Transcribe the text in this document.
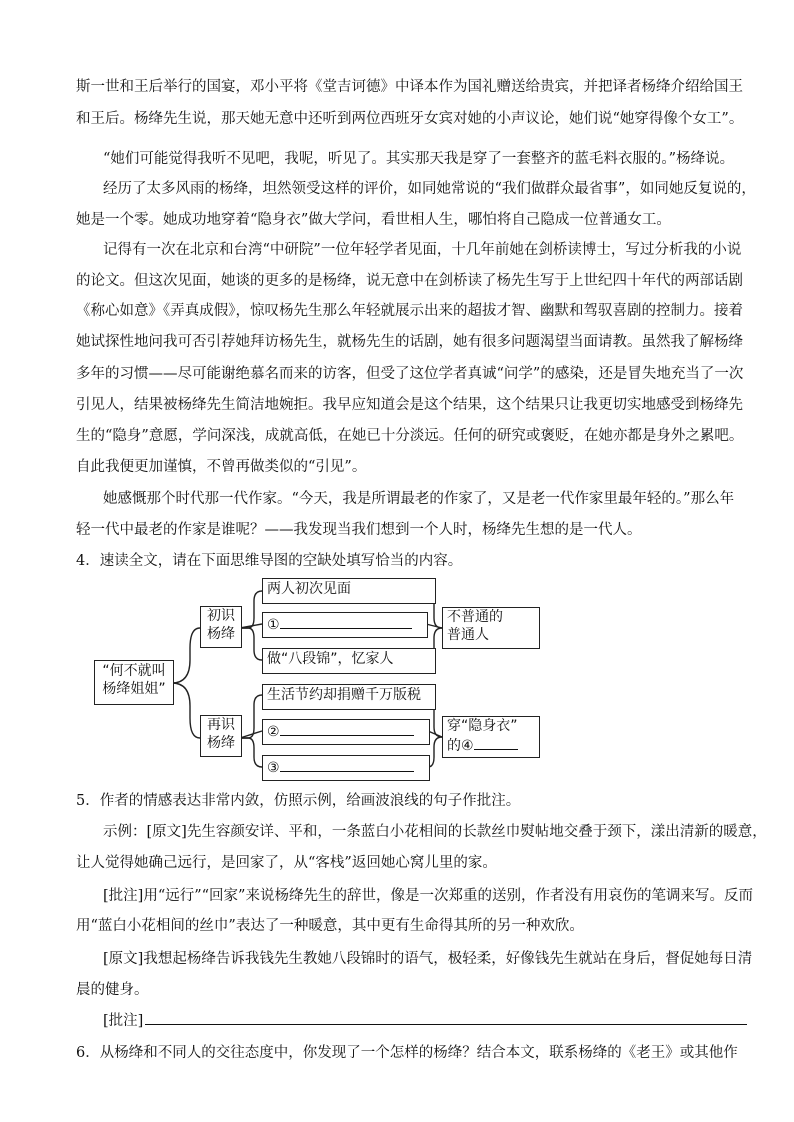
斯一世和王后举行的国宴，邓小平将《堂吉诃德》中译本作为国礼赠送给贵宾，并把译者杨绛介绍给国王
和王后。杨绛先生说，那天她无意中还听到两位西班牙女宾对她的小声议论，她们说“她穿得像个女工”。
“她们可能觉得我听不见吧，我呢，听见了。其实那天我是穿了一套整齐的蓝毛料衣服的。”杨绛说。
经历了太多风雨的杨绛，坦然领受这样的评价，如同她常说的“我们做群众最省事”，如同她反复说的，
她是一个零。她成功地穿着“隐身衣”做大学问，看世相人生，哪怕将自己隐成一位普通女工。
记得有一次在北京和台湾“中研院”一位年轻学者见面，十几年前她在剑桥读博士，写过分析我的小说
的论文。但这次见面，她谈的更多的是杨绛，说无意中在剑桥读了杨先生写于上世纪四十年代的两部话剧
《称心如意》《弄真成假》，惊叹杨先生那么年轻就展示出来的超拔才智、幽默和驾驭喜剧的控制力。接着
她试探性地问我可否引荐她拜访杨先生，就杨先生的话剧，她有很多问题渴望当面请教。虽然我了解杨绛
多年的习惯——尽可能谢绝慕名而来的访客，但受了这位学者真诚“问学”的感染，还是冒失地充当了一次
引见人，结果被杨绛先生简洁地婉拒。我早应知道会是这个结果，这个结果只让我更切实地感受到杨绛先
生的“隐身”意愿，学问深浅，成就高低，在她已十分淡远。任何的研究或褒贬，在她亦都是身外之累吧。
自此我便更加谨慎，不曾再做类似的“引见”。
她感慨那个时代那一代作家。“今天，我是所谓最老的作家了，又是老一代作家里最年轻的。”那么年
轻一代中最老的作家是谁呢？——我发现当我们想到一个人时，杨绛先生想的是一代人。
4．速读全文，请在下面思维导图的空缺处填写恰当的内容。
“何不就叫
杨绛姐姐”
初识
杨绛
再识
杨绛
两人初次见面
①
做“八段锦”，忆家人
生活节约却捐赠千万版税
②
③
不普通的
普通人
穿“隐身衣”
的④
5．作者的情感表达非常内敛，仿照示例，给画波浪线的句子作批注。
示例：[原文]先生容颜安详、平和，一条蓝白小花相间的长款丝巾熨帖地交叠于颈下，漾出清新的暖意，
让人觉得她确己远行，是回家了，从“客栈”返回她心窝儿里的家。
[批注]用“远行”“回家”来说杨绛先生的辞世，像是一次郑重的送别，作者没有用哀伤的笔调来写。反而
用“蓝白小花相间的丝巾”表达了一种暖意，其中更有生命得其所的另一种欢欣。
[原文]我想起杨绛告诉我钱先生教她八段锦时的语气，极轻柔，好像钱先生就站在身后，督促她每日清
晨的健身。
[批注]
6．从杨绛和不同人的交往态度中，你发现了一个怎样的杨绛？结合本文，联系杨绛的《老王》或其他作
